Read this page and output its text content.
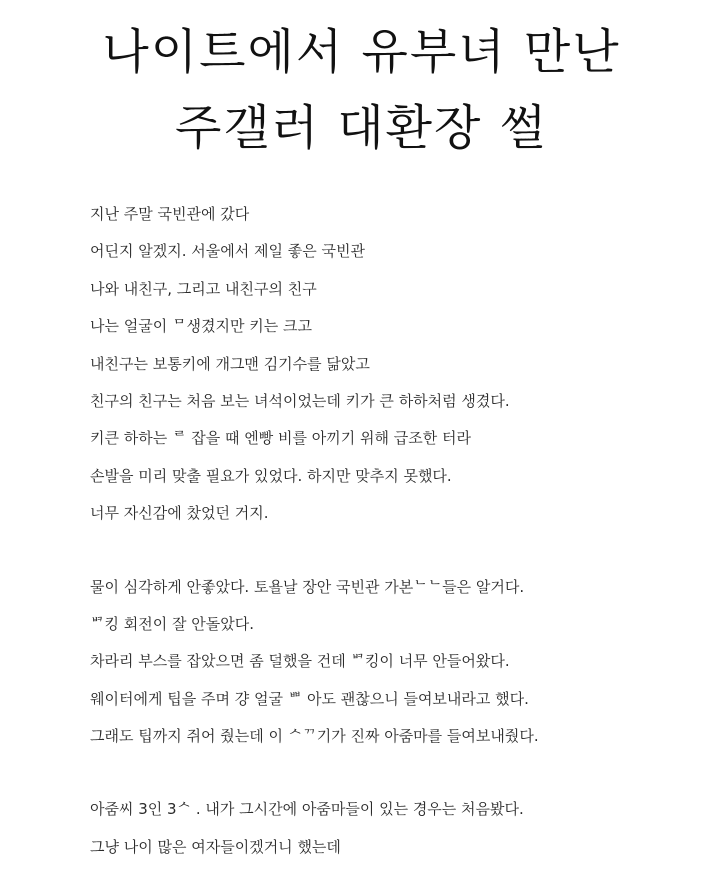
나이트에서 유부녀 만난
주갤러 대환장 썰
지난 주말 국빈관에 갔다
어딘지 알겠지. 서울에서 제일 좋은 국빈관
나와 내친구, 그리고 내친구의 친구
나는 얼굴이 ᄆ생겼지만 키는 크고
내친구는 보통키에 개그맨 김기수를 닮았고
친구의 친구는 처음 보는 녀석이었는데 키가 큰 하하처럼 생겼다.
키큰 하하는 ᄅ 잡을 때 엔빵 비를 아끼기 위해 급조한 터라
손발을 미리 맞출 필요가 있었다. 하지만 맞추지 못했다.
너무 자신감에 찼었던 거지.
물이 심각하게 안좋았다. 토욜날 장안 국빈관 가본ᄂᄂ들은 알거다.
ᄇᄏ킹 회전이 잘 안돌았다.
차라리 부스를 잡았으면 좀 덜했을 건데 ᄇᄏ킹이 너무 안들어왔다.
웨이터에게 팁을 주며 걍 얼굴 ᄈ 아도 괜찮으니 들여보내라고 했다.
그래도 팁까지 쥐어 줬는데 이 ᄉᄁ기가 진짜 아줌마를 들여보내줬다.
아줌씨 3인 3ᄉ . 내가 그시간에 아줌마들이 있는 경우는 처음봤다.
그냥 나이 많은 여자들이겠거니 했는데
